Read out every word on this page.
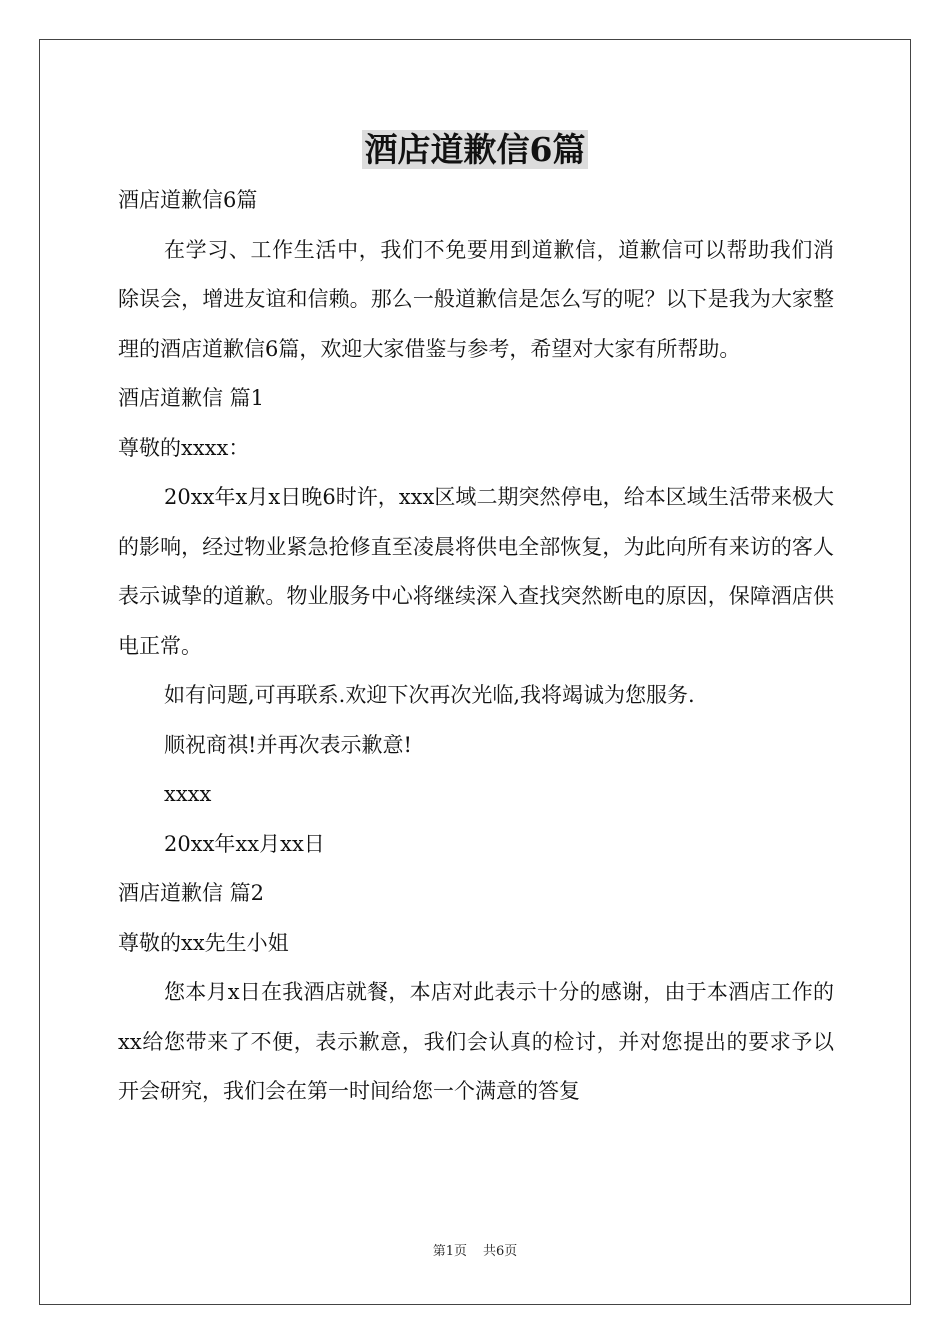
酒店道歉信6篇

酒店道歉信6篇

在学习、工作生活中，我们不免要用到道歉信，道歉信可以帮助我们消除误会，增进友谊和信赖。那么一般道歉信是怎么写的呢？以下是我为大家整理的酒店道歉信6篇，欢迎大家借鉴与参考，希望对大家有所帮助。

酒店道歉信 篇1

尊敬的xxxx：

20xx年x月x日晚6时许，xxx区域二期突然停电，给本区域生活带来极大的影响，经过物业紧急抢修直至凌晨将供电全部恢复，为此向所有来访的客人表示诚挚的道歉。物业服务中心将继续深入查找突然断电的原因，保障酒店供电正常。

如有问题,可再联系.欢迎下次再次光临,我将竭诚为您服务.

顺祝商祺!并再次表示歉意!

xxxx

20xx年xx月xx日

酒店道歉信 篇2

尊敬的xx先生小姐

您本月x日在我酒店就餐，本店对此表示十分的感谢，由于本酒店工作的xx给您带来了不便，表示歉意，我们会认真的检讨，并对您提出的要求予以开会研究，我们会在第一时间给您一个满意的答复

第1页 共6页
